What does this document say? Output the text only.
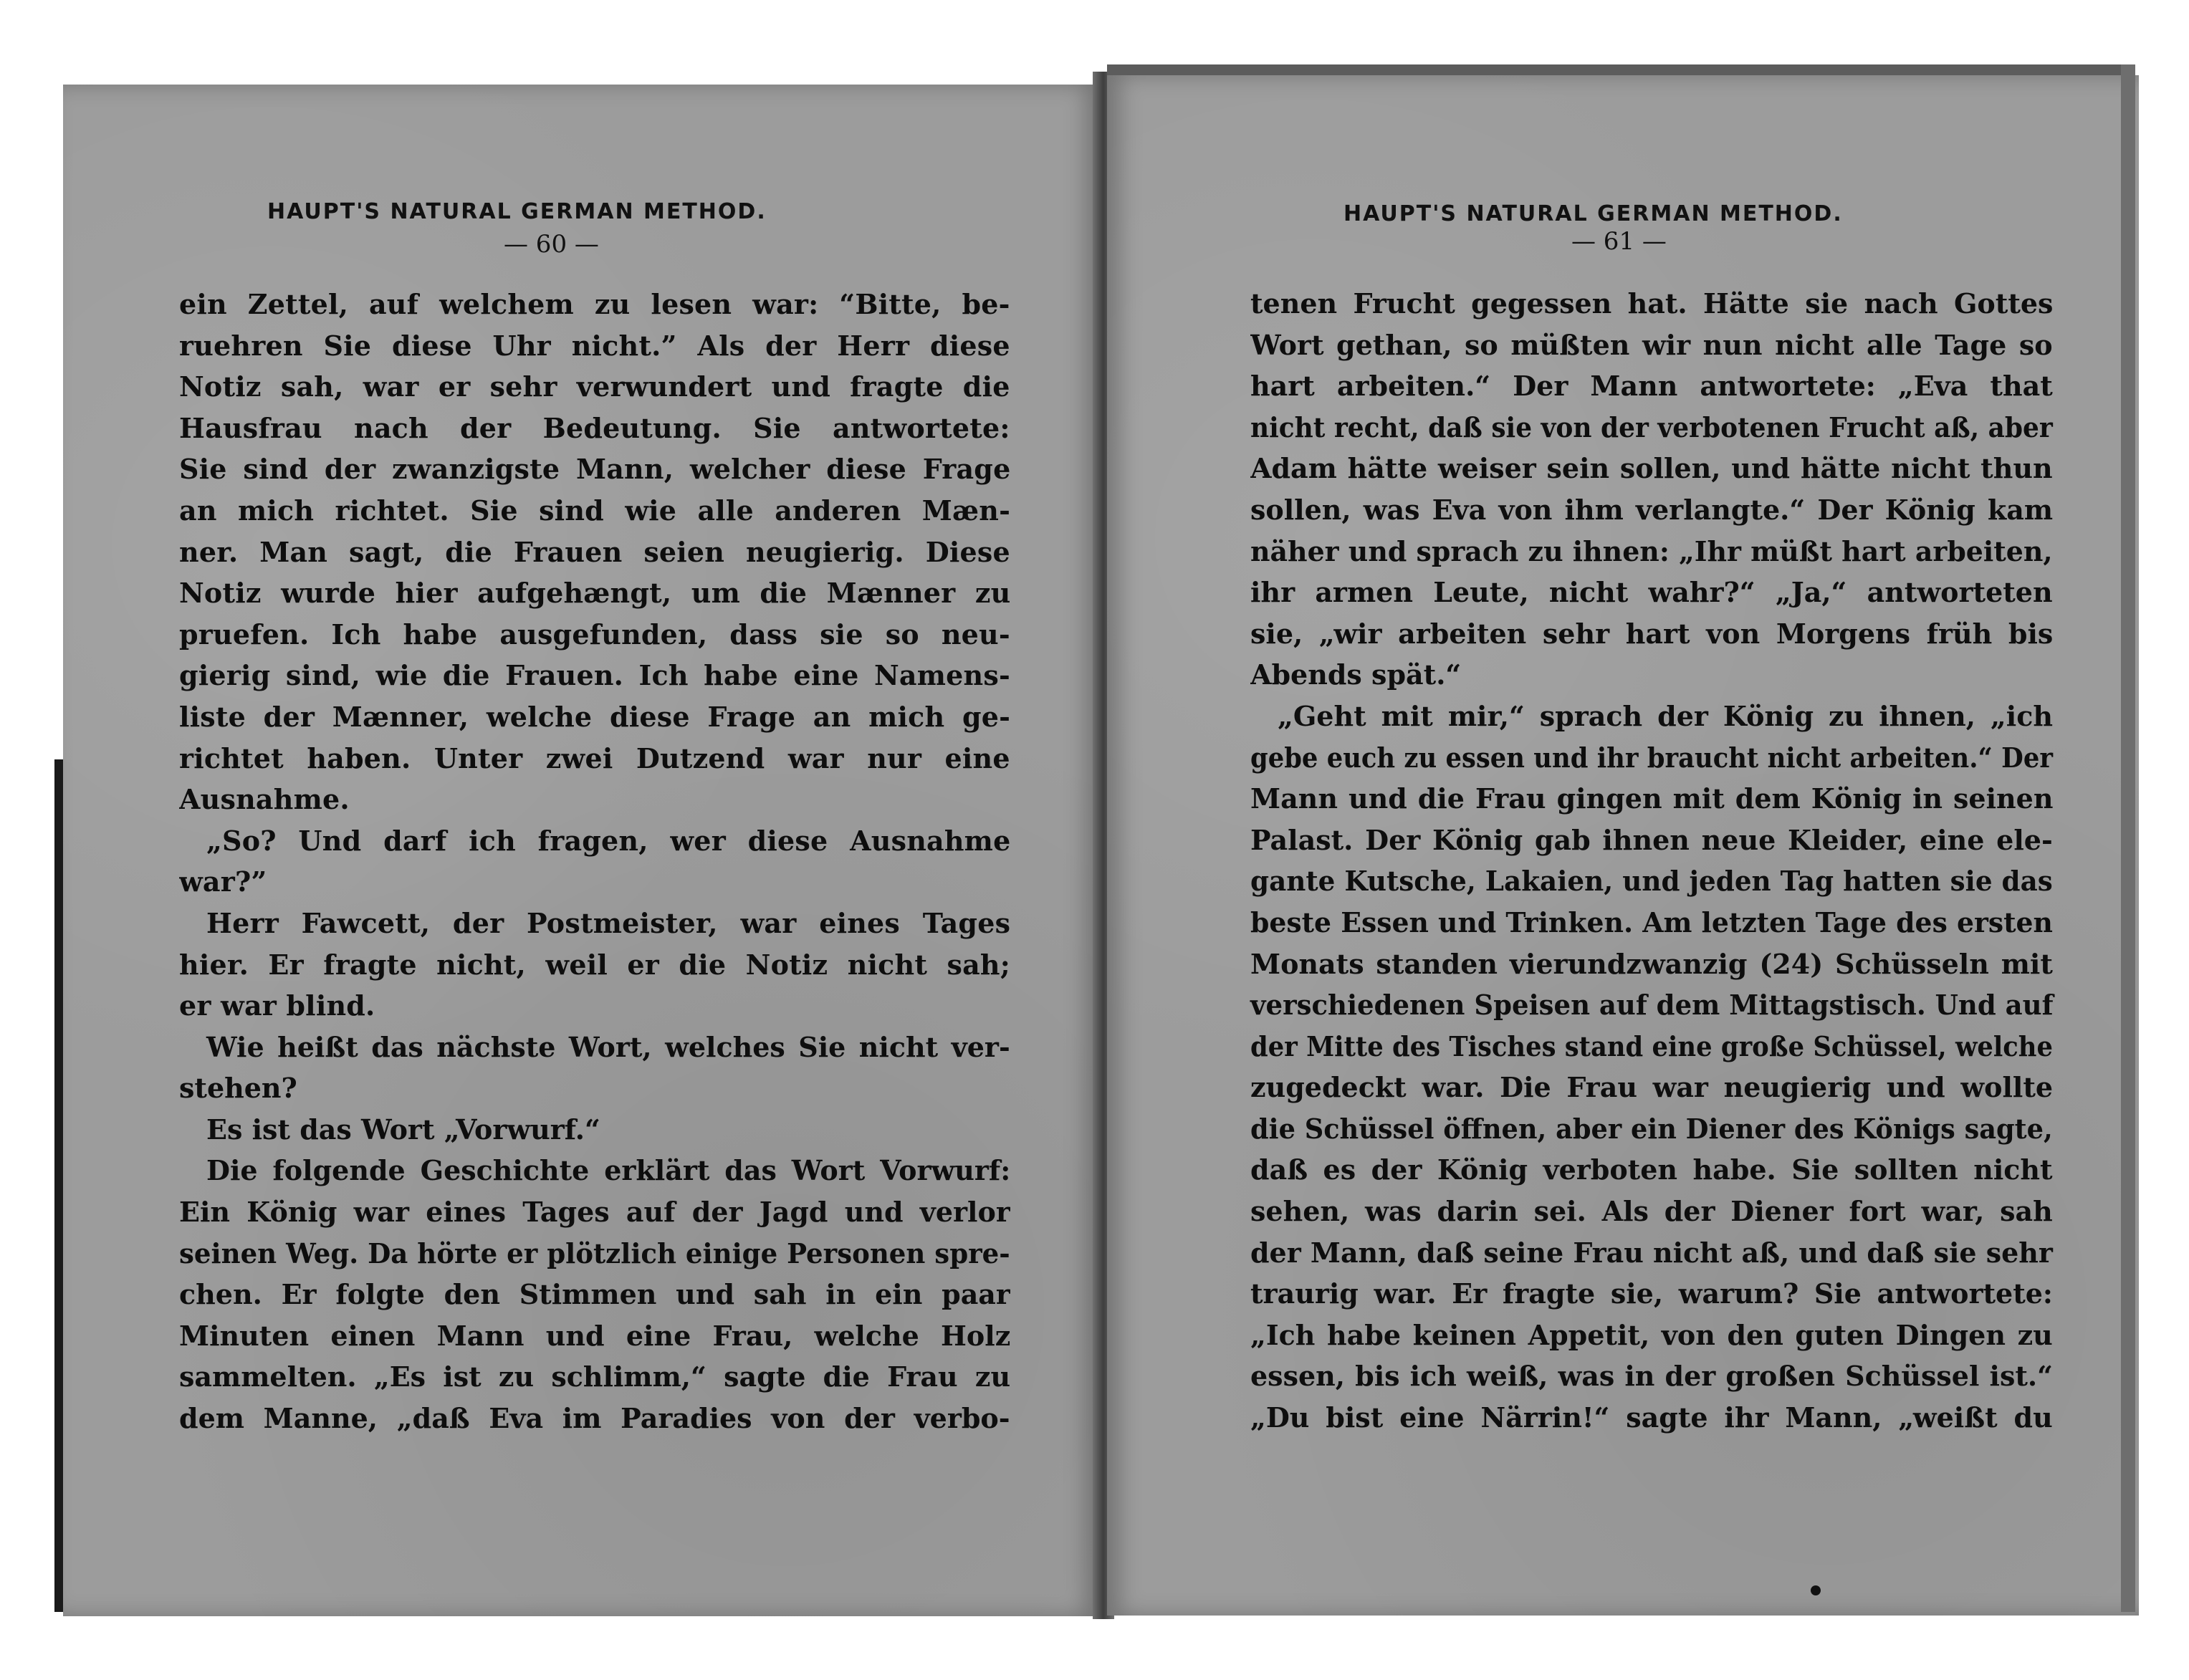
HAUPT'S NATURAL GERMAN METHOD.
— 60 —
ein Zettel, auf welchem zu lesen war: “Bitte, be-
ruehren Sie diese Uhr nicht.” Als der Herr diese
Notiz sah, war er sehr verwundert und fragte die
Hausfrau nach der Bedeutung. Sie antwortete:
Sie sind der zwanzigste Mann, welcher diese Frage
an mich richtet. Sie sind wie alle anderen Mæn-
ner. Man sagt, die Frauen seien neugierig. Diese
Notiz wurde hier aufgehængt, um die Mænner zu
pruefen. Ich habe ausgefunden, dass sie so neu-
gierig sind, wie die Frauen. Ich habe eine Namens-
liste der Mænner, welche diese Frage an mich ge-
richtet haben. Unter zwei Dutzend war nur eine
Ausnahme.
„So? Und darf ich fragen, wer diese Ausnahme
war?”
Herr Fawcett, der Postmeister, war eines Tages
hier. Er fragte nicht, weil er die Notiz nicht sah;
er war blind.
Wie heißt das nächste Wort, welches Sie nicht ver-
stehen?
Es ist das Wort „Vorwurf.“
Die folgende Geschichte erklärt das Wort Vorwurf:
Ein König war eines Tages auf der Jagd und verlor
seinen Weg. Da hörte er plötzlich einige Personen spre-
chen. Er folgte den Stimmen und sah in ein paar
Minuten einen Mann und eine Frau, welche Holz
sammelten. „Es ist zu schlimm,“ sagte die Frau zu
dem Manne, „daß Eva im Paradies von der verbo-
HAUPT'S NATURAL GERMAN METHOD.
— 61 —
tenen Frucht gegessen hat. Hätte sie nach Gottes
Wort gethan, so müßten wir nun nicht alle Tage so
hart arbeiten.“ Der Mann antwortete: „Eva that
nicht recht, daß sie von der verbotenen Frucht aß, aber
Adam hätte weiser sein sollen, und hätte nicht thun
sollen, was Eva von ihm verlangte.“ Der König kam
näher und sprach zu ihnen: „Ihr müßt hart arbeiten,
ihr armen Leute, nicht wahr?“ „Ja,“ antworteten
sie, „wir arbeiten sehr hart von Morgens früh bis
Abends spät.“
„Geht mit mir,“ sprach der König zu ihnen, „ich
gebe euch zu essen und ihr braucht nicht arbeiten.“ Der
Mann und die Frau gingen mit dem König in seinen
Palast. Der König gab ihnen neue Kleider, eine ele-
gante Kutsche, Lakaien, und jeden Tag hatten sie das
beste Essen und Trinken. Am letzten Tage des ersten
Monats standen vierundzwanzig (24) Schüsseln mit
verschiedenen Speisen auf dem Mittagstisch. Und auf
der Mitte des Tisches stand eine große Schüssel, welche
zugedeckt war. Die Frau war neugierig und wollte
die Schüssel öffnen, aber ein Diener des Königs sagte,
daß es der König verboten habe. Sie sollten nicht
sehen, was darin sei. Als der Diener fort war, sah
der Mann, daß seine Frau nicht aß, und daß sie sehr
traurig war. Er fragte sie, warum? Sie antwortete:
„Ich habe keinen Appetit, von den guten Dingen zu
essen, bis ich weiß, was in der großen Schüssel ist.“
„Du bist eine Närrin!“ sagte ihr Mann, „weißt du
